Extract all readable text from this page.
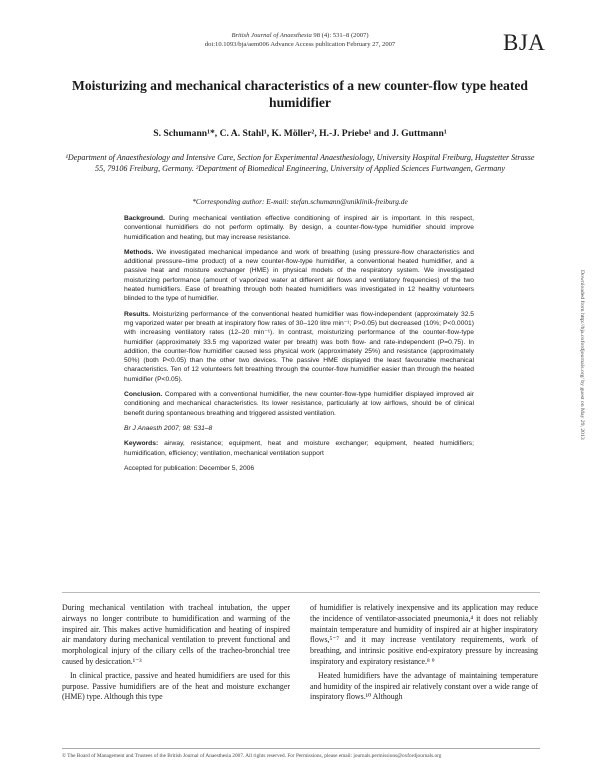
British Journal of Anaesthesia 98 (4): 531–8 (2007)
doi:10.1093/bja/aem006 Advance Access publication February 27, 2007	BJA
Moisturizing and mechanical characteristics of a new counter-flow type heated humidifier
S. Schumann¹*, C. A. Stahl¹, K. Möller², H.-J. Priebe¹ and J. Guttmann¹
¹Department of Anaesthesiology and Intensive Care, Section for Experimental Anaesthesiology, University Hospital Freiburg, Hugstetter Strasse 55, 79106 Freiburg, Germany. ²Department of Biomedical Engineering, University of Applied Sciences Furtwangen, Germany
*Corresponding author: E-mail: stefan.schumann@uniklinik-freiburg.de

Background. During mechanical ventilation effective conditioning of inspired air is important. In this respect, conventional humidifiers do not perform optimally. By design, a counter-flow-type humidifier should improve humidification and heating, but may increase resistance.

Methods. We investigated mechanical impedance and work of breathing (using pressure-flow characteristics and additional pressure–time product) of a new counter-flow-type humidifier, a conventional heated humidifier, and a passive heat and moisture exchanger (HME) in physical models of the respiratory system. We investigated moisturizing performance (amount of vaporized water at different air flows and ventilatory frequencies) of the two heated humidifiers. Ease of breathing through both heated humidifiers was investigated in 12 healthy volunteers blinded to the type of humidifier.

Results. Moisturizing performance of the conventional heated humidifier was flow-independent (approximately 32.5 mg vaporized water per breath at inspiratory flow rates of 30–120 litre min⁻¹; P>0.05) but decreased (10%; P<0.0001) with increasing ventilatory rates (12–20 min⁻¹). In contrast, moisturizing performance of the counter-flow-type humidifier (approximately 33.5 mg vaporized water per breath) was both flow- and rate-independent (P=0.75). In addition, the counter-flow humidifier caused less physical work (approximately 25%) and resistance (approximately 50%) (both P<0.05) than the other two devices. The passive HME displayed the least favourable mechanical characteristics. Ten of 12 volunteers felt breathing through the counter-flow humidifier easier than through the heated humidifier (P<0.05).

Conclusion. Compared with a conventional humidifier, the new counter-flow-type humidifier displayed improved air conditioning and mechanical characteristics. Its lower resistance, particularly at low airflows, should be of clinical benefit during spontaneous breathing and triggered assisted ventilation.

Br J Anaesth 2007; 98: 531–8

Keywords: airway, resistance; equipment, heat and moisture exchanger; equipment, heated humidifiers; humidification, efficiency; ventilation, mechanical ventilation support

Accepted for publication: December 5, 2006

Downloaded from http://bja.oxfordjournals.org/ by guest on May 29, 2013

During mechanical ventilation with tracheal intubation, the upper airways no longer contribute to humidification and warming of the inspired air. This makes active humidification and heating of inspired air mandatory during mechanical ventilation to prevent functional and morphological injury of the ciliary cells of the tracheo-bronchial tree caused by desiccation.¹⁻³

In clinical practice, passive and heated humidifiers are used for this purpose. Passive humidifiers are of the heat and moisture exchanger (HME) type. Although this type

of humidifier is relatively inexpensive and its application may reduce the incidence of ventilator-associated pneumonia,⁴ it does not reliably maintain temperature and humidity of inspired air at higher inspiratory flows,⁵⁻⁷ and it may increase ventilatory requirements, work of breathing, and intrinsic positive end-expiratory pressure by increasing inspiratory and expiratory resistance.⁸ ⁹

Heated humidifiers have the advantage of maintaining temperature and humidity of the inspired air relatively constant over a wide range of inspiratory flows.¹⁰ Although

© The Board of Management and Trustees of the British Journal of Anaesthesia 2007. All rights reserved. For Permissions, please email: journals.permissions@oxfordjournals.org
